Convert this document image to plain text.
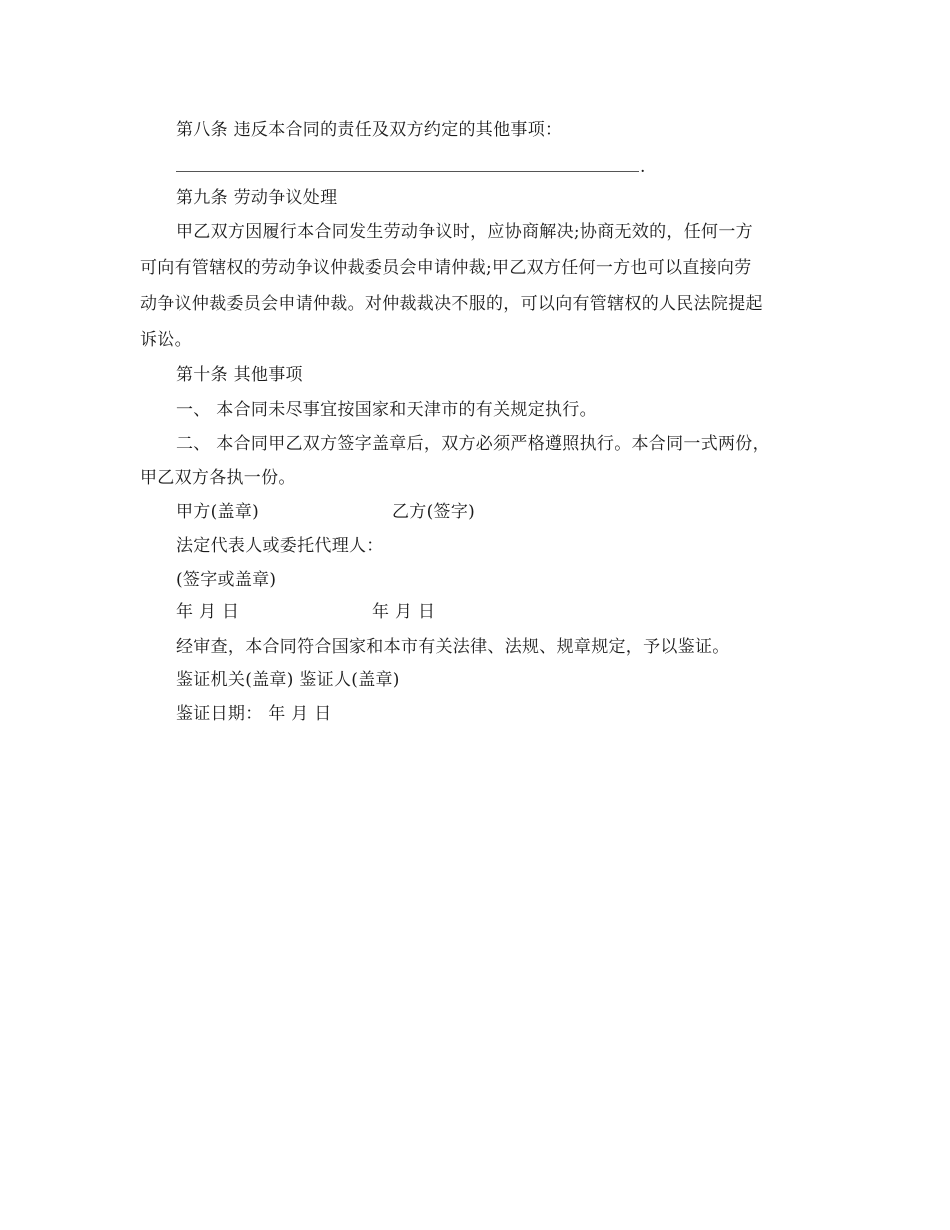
第八条 违反本合同的责任及双方约定的其他事项：
.
第九条 劳动争议处理
甲乙双方因履行本合同发生劳动争议时，应协商解决;协商无效的，任何一方
可向有管辖权的劳动争议仲裁委员会申请仲裁;甲乙双方任何一方也可以直接向劳
动争议仲裁委员会申请仲裁。对仲裁裁决不服的，可以向有管辖权的人民法院提起
诉讼。
第十条 其他事项
一、 本合同未尽事宜按国家和天津市的有关规定执行。
二、 本合同甲乙双方签字盖章后，双方必须严格遵照执行。本合同一式两份，
甲乙双方各执一份。
甲方(盖章)	乙方(签字)
法定代表人或委托代理人：
(签字或盖章)
年 月 日	年 月 日
经审查，本合同符合国家和本市有关法律、法规、规章规定，予以鉴证。
鉴证机关(盖章) 鉴证人(盖章)
鉴证日期： 年 月 日
